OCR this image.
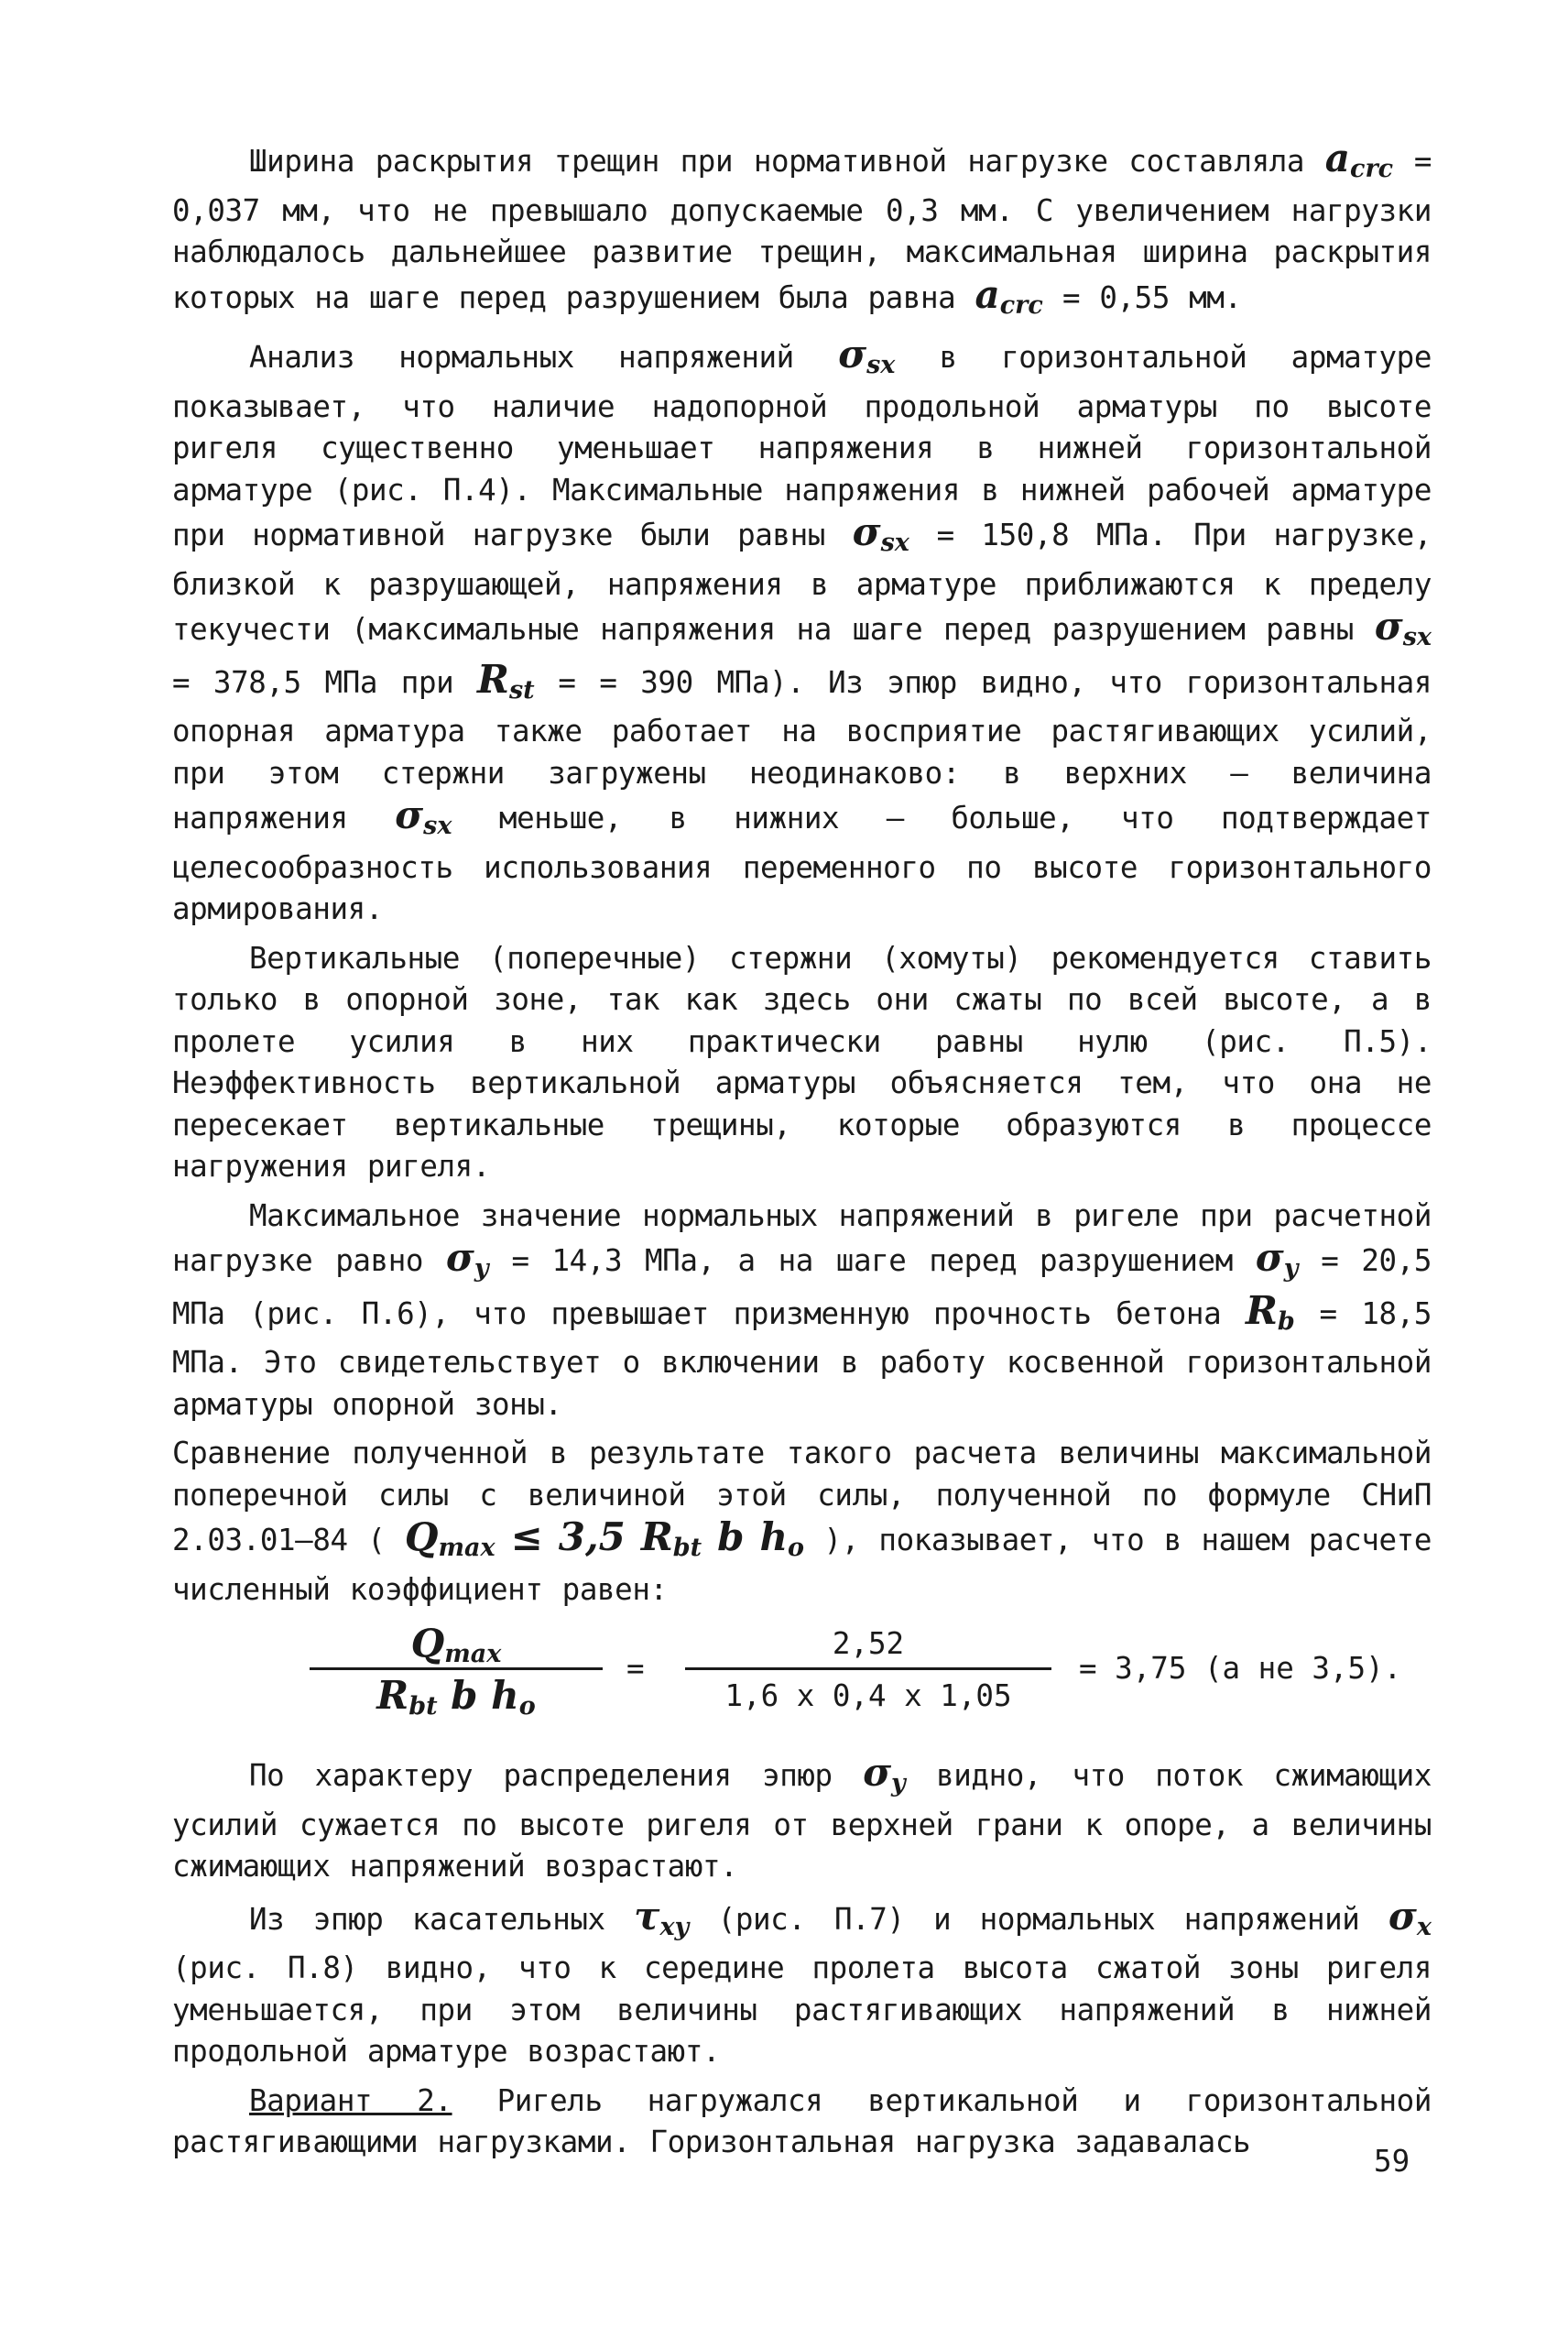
Ширина раскрытия трещин при нормативной нагрузке составляла $a_{crc} = 0,037$ мм, что не превышало допускаемые 0,3 мм. С увеличением нагрузки наблюдалось дальнейшее развитие трещин, максимальная ширина раскрытия которых на шаге перед разрушением была равна $a_{crc} = 0,55$ мм.

Анализ нормальных напряжений $\sigma_{sx}$ в горизонтальной арматуре показывает, что наличие надопорной продольной арматуры по высоте ригеля существенно уменьшает напряжения в нижней горизонтальной арматуре (рис. П.4). Максимальные напряжения в нижней рабочей арматуре при нормативной нагрузке были равны $\sigma_{sx} = 150,8$ МПа. При нагрузке, близкой к разрушающей, напряжения в арматуре приближаются к пределу текучести (максимальные напряжения на шаге перед разрушением равны $\sigma_{sx} = 378,5$ МПа при $R_{st}$ = = 390 МПа). Из эпюр видно, что горизонтальная опорная арматура также работает на восприятие растягивающих усилий, при этом стержни загружены неодинаково: в верхних – величина напряжения $\sigma_{sx}$ меньше, в нижних – больше, что подтверждает целесообразность использования переменного по высоте горизонтального армирования.

Вертикальные (поперечные) стержни (хомуты) рекомендуется ставить только в опорной зоне, так как здесь они сжаты по всей высоте, а в пролете усилия в них практически равны нулю (рис. П.5). Неэффективность вертикальной арматуры объясняется тем, что она не пересекает вертикальные трещины, которые образуются в процессе нагружения ригеля.

Максимальное значение нормальных напряжений в ригеле при расчетной нагрузке равно $\sigma_y = 14,3$ МПа, а на шаге перед разрушением $\sigma_y = 20,5$ МПа (рис. П.6), что превышает призменную прочность бетона $R_b = 18,5$ МПа. Это свидетельствует о включении в работу косвенной горизонтальной арматуры опорной зоны.

Сравнение полученной в результате такого расчета величины максимальной поперечной силы с величиной этой силы, полученной по формуле СНиП 2.03.01–84 ( $Q_{max} \le 3,5$ $R_{bt}$ b $h_o$ ), показывает, что в нашем расчете численный коэффициент равен:

$Q_{max}$
$R_{bt}$ b $h_o$
=
2,52
1,6 x 0,4 x 1,05
= 3,75 (а не 3,5).

По характеру распределения эпюр $\sigma_y$ видно, что поток сжимающих усилий сужается по высоте ригеля от верхней грани к опоре, а величины сжимающих напряжений возрастают.

Из эпюр касательных $\tau_{xy}$ (рис. П.7) и нормальных напряжений $\sigma_x$ (рис. П.8) видно, что к середине пролета высота сжатой зоны ригеля уменьшается, при этом величины растягивающих напряжений в нижней продольной арматуре возрастают.

Вариант 2. Ригель нагружался вертикальной и горизонтальной растягивающими нагрузками. Горизонтальная нагрузка задавалась

59
